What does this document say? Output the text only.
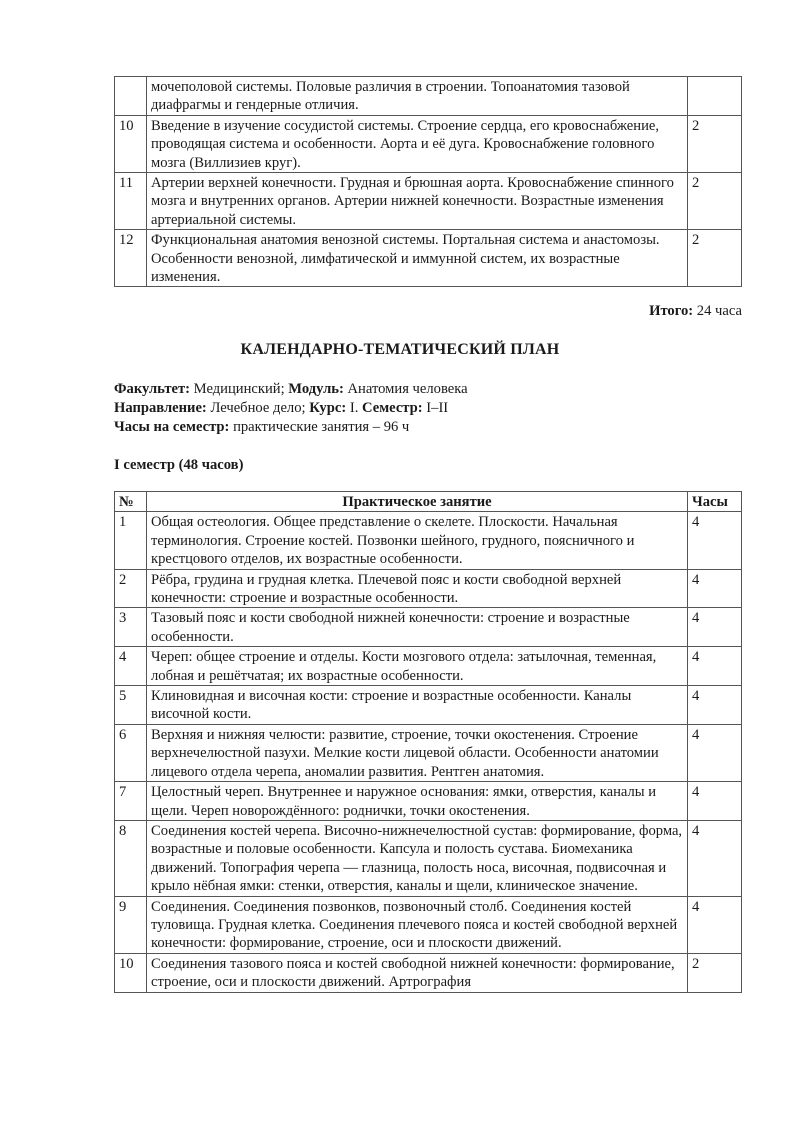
	мочеполовой системы. Половые различия в строении. Топоанатомия тазовой диафрагмы и гендерные отличия.	
10	Введение в изучение сосудистой системы. Строение сердца, его кровоснабжение, проводящая система и особенности. Аорта и её дуга. Кровоснабжение головного мозга (Виллизиев круг).	2
11	Артерии верхней конечности. Грудная и брюшная аорта. Кровоснабжение спинного мозга и внутренних органов. Артерии нижней конечности. Возрастные изменения артериальной системы.	2
12	Функциональная анатомия венозной системы. Портальная система и анастомозы. Особенности венозной, лимфатической и иммунной систем, их возрастные изменения.	2
Итого: 24 часа
КАЛЕНДАРНО-ТЕМАТИЧЕСКИЙ ПЛАН
Факультет: Медицинский; Модуль: Анатомия человека
Направление: Лечебное дело; Курс: I. Семестр: I–II
Часы на семестр: практические занятия – 96 ч
I семестр (48 часов)
№	Практическое занятие	Часы
1	Общая остеология. Общее представление о скелете. Плоскости. Начальная терминология. Строение костей. Позвонки шейного, грудного, поясничного и крестцового отделов, их возрастные особенности.	4
2	Рёбра, грудина и грудная клетка. Плечевой пояс и кости свободной верхней конечности: строение и возрастные особенности.	4
3	Тазовый пояс и кости свободной нижней конечности: строение и возрастные особенности.	4
4	Череп: общее строение и отделы. Кости мозгового отдела: затылочная, теменная, лобная и решётчатая; их возрастные особенности.	4
5	Клиновидная и височная кости: строение и возрастные особенности. Каналы височной кости.	4
6	Верхняя и нижняя челюсти: развитие, строение, точки окостенения. Строение верхнечелюстной пазухи. Мелкие кости лицевой области. Особенности анатомии лицевого отдела черепа, аномалии развития. Рентген анатомия.	4
7	Целостный череп. Внутреннее и наружное основания: ямки, отверстия, каналы и щели. Череп новорождённого: роднички, точки окостенения.	4
8	Соединения костей черепа. Височно-нижнечелюстной сустав: формирование, форма, возрастные и половые особенности. Капсула и полость сустава. Биомеханика движений. Топография черепа — глазница, полость носа, височная, подвисочная и крыло нёбная ямки: стенки, отверстия, каналы и щели, клиническое значение.	4
9	Соединения. Соединения позвонков, позвоночный столб. Соединения костей туловища. Грудная клетка. Соединения плечевого пояса и костей свободной верхней конечности: формирование, строение, оси и плоскости движений.	4
10	Соединения тазового пояса и костей свободной нижней конечности: формирование, строение, оси и плоскости движений. Артрография	2
